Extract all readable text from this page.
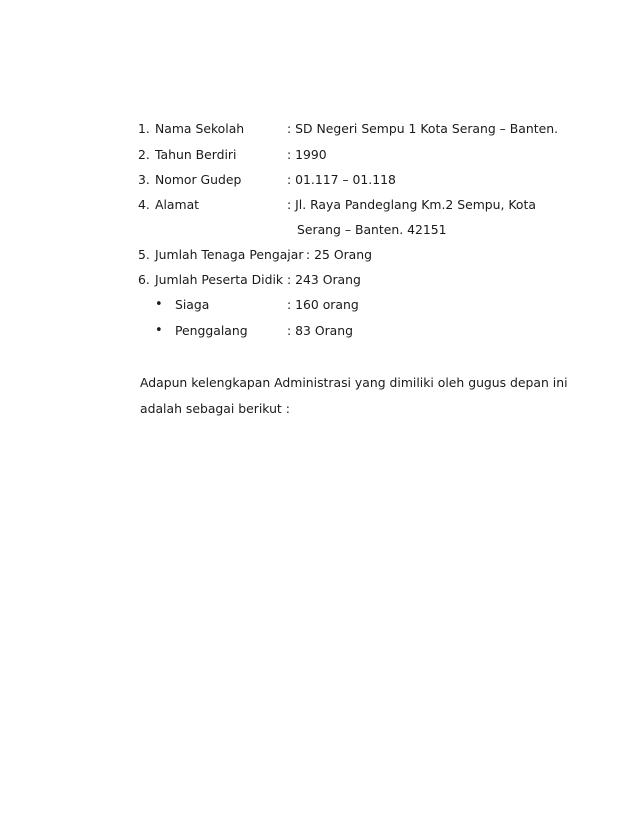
1. Nama Sekolah	: SD Negeri Sempu 1 Kota Serang – Banten.
2. Tahun Berdiri	: 1990
3. Nomor Gudep	: 01.117 – 01.118
4. Alamat	: Jl. Raya Pandeglang Km.2 Sempu, Kota
Serang – Banten. 42151
5. Jumlah Tenaga Pengajar : 25 Orang
6. Jumlah Peserta Didik : 243 Orang
• Siaga	: 160 orang
• Penggalang	: 83 Orang
Adapun kelengkapan Administrasi yang dimiliki oleh gugus depan ini
adalah sebagai berikut :
